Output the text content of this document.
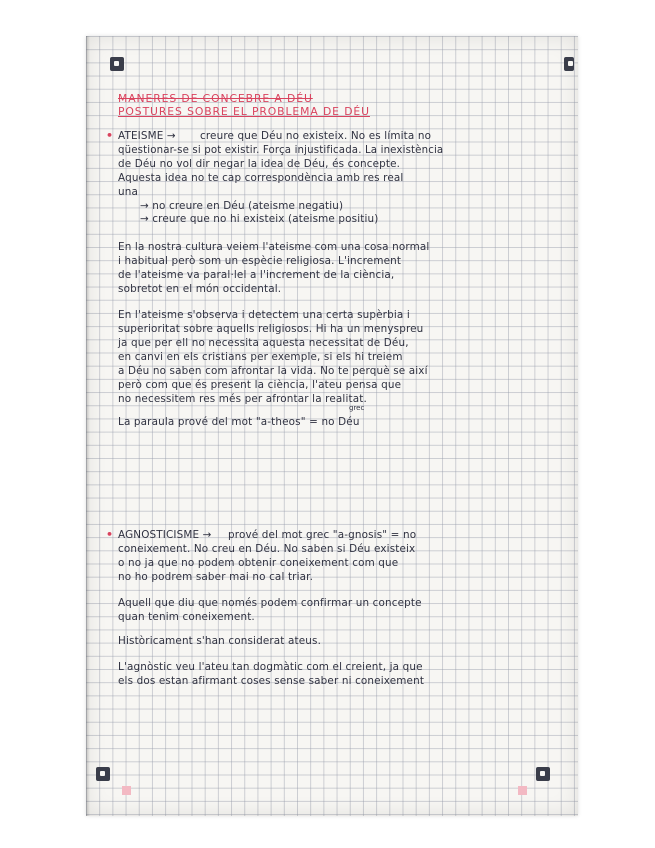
MANERES DE CONCEBRE A DÉU

POSTURES SOBRE EL PROBLEMA DE DÉU

• ATEISME → creure que Déu no existeix. No es límita no

qüestionar-se si pot existir. Força injustificada. La inexistència

de Déu no vol dir negar la idea de Déu, és concepte.

Aquesta idea no te cap correspondència amb res real

una

→ no creure en Déu (ateisme negatiu)

→ creure que no hi existeix (ateisme positiu)

En la nostra cultura veiem l'ateisme com una cosa normal

i habitual però som un espècie religiosa. L'increment

de l'ateisme va paral·lel a l'increment de la ciència,

sobretot en el món occidental.

En l'ateisme s'observa i detectem una certa supèrbia i

superioritat sobre aquells religiosos. Hi ha un menyspreu

ja que per ell no necessita aquesta necessitat de Déu,

en canvi en els cristians per exemple, si els hi treiem

a Déu no saben com afrontar la vida. No te perquè se així

però com que és present la ciència, l'ateu pensa que

no necessitem res més per afrontar la realitat.

grec

La paraula prové del mot "a-theos" = no Déu

• AGNOSTICISME → prové del mot grec "a-gnosis" = no

coneixement. No creu en Déu. No saben si Déu existeix

o no ja que no podem obtenir coneixement com que

no ho podrem saber mai no cal triar.

Aquell que diu que només podem confirmar un concepte

quan tenim coneixement.

Històricament s'han considerat ateus.

L'agnòstic veu l'ateu tan dogmàtic com el creient, ja que

els dos estan afirmant coses sense saber ni coneixement
